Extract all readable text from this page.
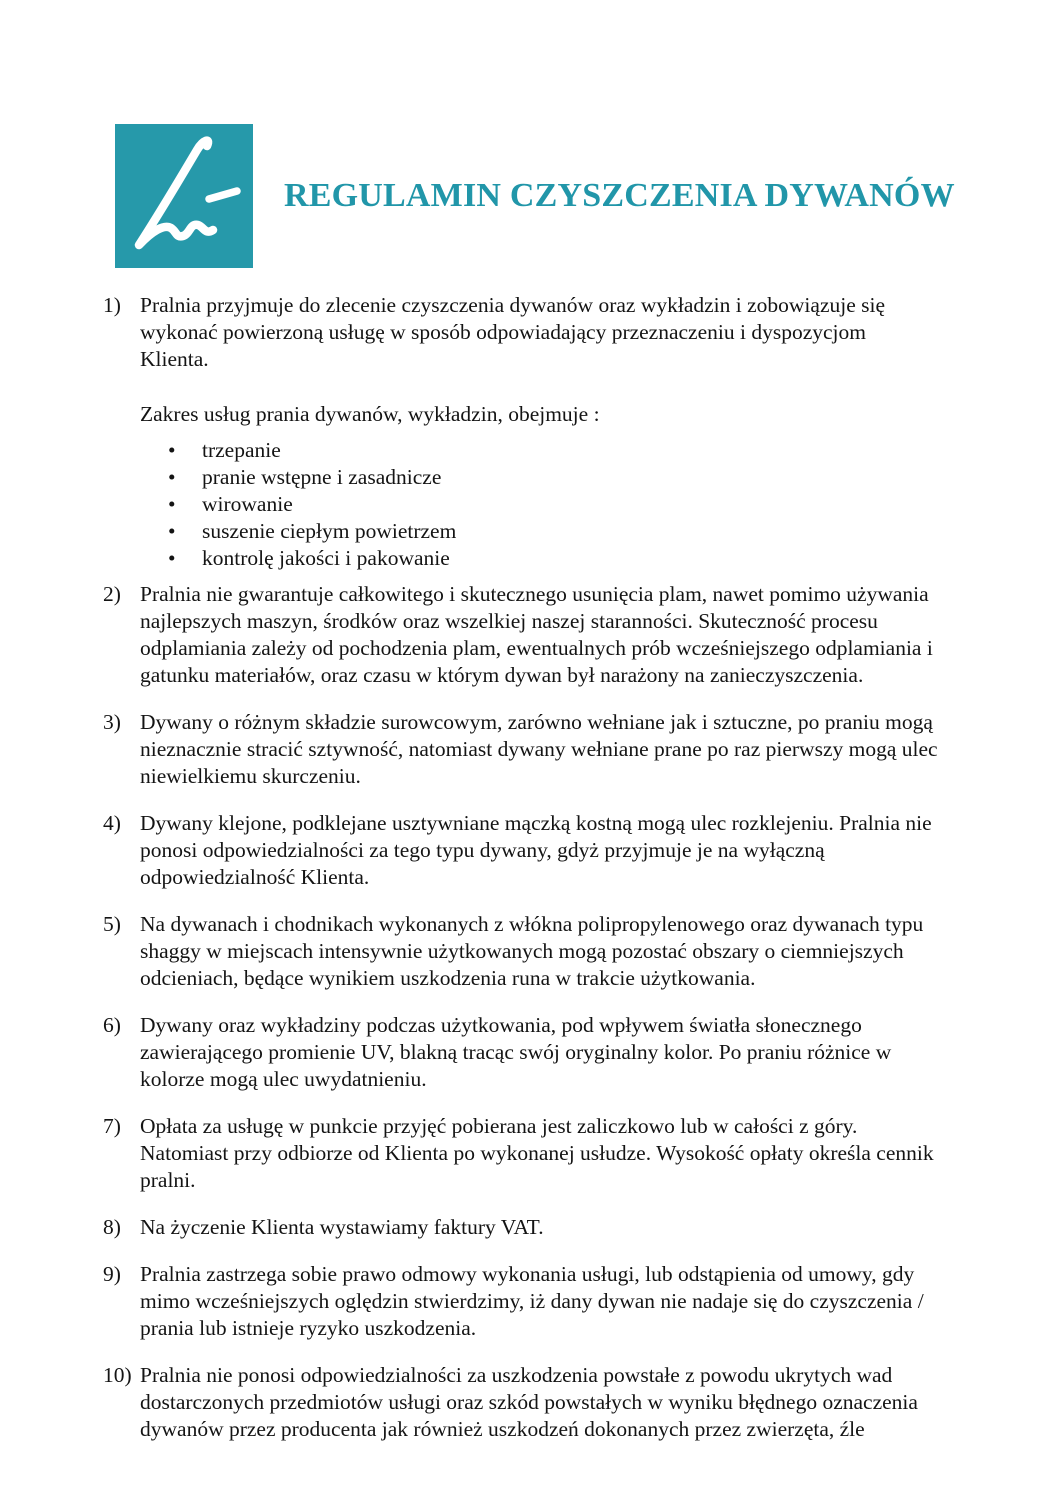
REGULAMIN CZYSZCZENIA DYWANÓW
1) Pralnia przyjmuje do zlecenie czyszczenia dywanów oraz wykładzin i zobowiązuje się wykonać powierzoną usługę w sposób odpowiadający przeznaczeniu i dyspozycjom Klienta.

Zakres usług prania dywanów, wykładzin, obejmuje :

• trzepanie
• pranie wstępne i zasadnicze
• wirowanie
• suszenie ciepłym powietrzem
• kontrolę jakości i pakowanie
2) Pralnia nie gwarantuje całkowitego i skutecznego usunięcia plam, nawet pomimo używania najlepszych maszyn, środków oraz wszelkiej naszej staranności. Skuteczność procesu odplamiania zależy od pochodzenia plam, ewentualnych prób wcześniejszego odplamiania i gatunku materiałów, oraz czasu w którym dywan był narażony na zanieczyszczenia.

3) Dywany o różnym składzie surowcowym, zarówno wełniane jak i sztuczne, po praniu mogą nieznacznie stracić sztywność, natomiast dywany wełniane prane po raz pierwszy mogą ulec niewielkiemu skurczeniu.

4) Dywany klejone, podklejane usztywniane mączką kostną mogą ulec rozklejeniu. Pralnia nie ponosi odpowiedzialności za tego typu dywany, gdyż przyjmuje je na wyłączną odpowiedzialność Klienta.

5) Na dywanach i chodnikach wykonanych z włókna polipropylenowego oraz dywanach typu shaggy w miejscach intensywnie użytkowanych mogą pozostać obszary o ciemniejszych odcieniach, będące wynikiem uszkodzenia runa w trakcie użytkowania.

6) Dywany oraz wykładziny podczas użytkowania, pod wpływem światła słonecznego zawierającego promienie UV, blakną tracąc swój oryginalny kolor. Po praniu różnice w kolorze mogą ulec uwydatnieniu.

7) Opłata za usługę w punkcie przyjęć pobierana jest zaliczkowo lub w całości z góry. Natomiast przy odbiorze od Klienta po wykonanej usłudze. Wysokość opłaty określa cennik pralni.

8) Na życzenie Klienta wystawiamy faktury VAT.

9) Pralnia zastrzega sobie prawo odmowy wykonania usługi, lub odstąpienia od umowy, gdy mimo wcześniejszych oględzin stwierdzimy, iż dany dywan nie nadaje się do czyszczenia / prania lub istnieje ryzyko uszkodzenia.

10) Pralnia nie ponosi odpowiedzialności za uszkodzenia powstałe z powodu ukrytych wad dostarczonych przedmiotów usługi oraz szkód powstałych w wyniku błędnego oznaczenia dywanów przez producenta jak również uszkodzeń dokonanych przez zwierzęta, źle
